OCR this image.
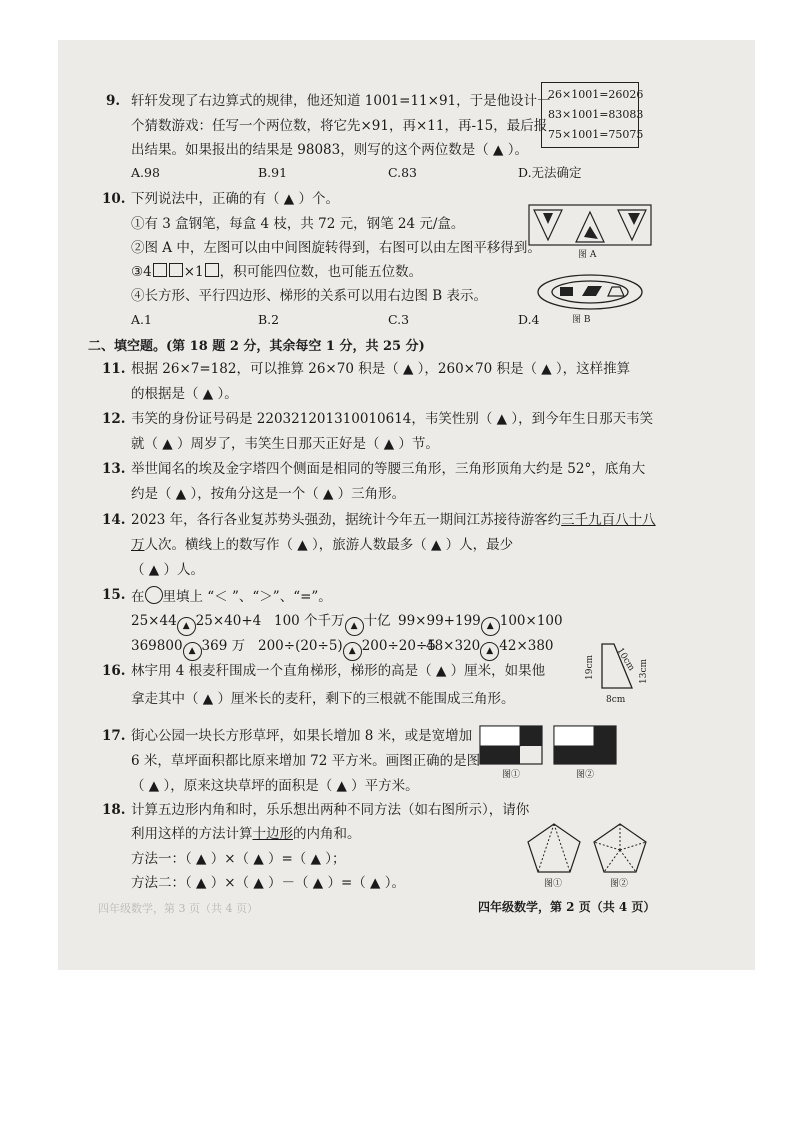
9. 轩轩发现了右边算式的规律，他还知道 1001=11×91，于是他设计一
个猜数游戏：任写一个两位数，将它先×91，再×11，再-15，最后报
出结果。如果报出的结果是 98083，则写的这个两位数是（ ▲ ）。
26×1001=26026
83×1001=83083
75×1001=75075
A.98	B.91	C.83	D.无法确定
10. 下列说法中，正确的有（ ▲ ）个。
①有 3 盒钢笔，每盒 4 枝，共 72 元，钢笔 24 元/盒。
②图 A 中，左图可以由中间图旋转得到，右图可以由左图平移得到。
③4 ×1 ，积可能四位数，也可能五位数。
④长方形、平行四边形、梯形的关系可以用右边图 B 表示。
图 A
图 B
A.1	B.2	C.3	D.4
二、填空题。(第 18 题 2 分，其余每空 1 分，共 25 分)
11. 根据 26×7=182，可以推算 26×70 积是（ ▲ ），260×70 积是（ ▲ ），这样推算
的根据是（ ▲ ）。
12. 韦笑的身份证号码是 220321201310010614，韦笑性别（ ▲ ），到今年生日那天韦笑
就（ ▲ ）周岁了，韦笑生日那天正好是（ ▲ ）节。
13. 举世闻名的埃及金字塔四个侧面是相同的等腰三角形，三角形顶角大约是 52°，底角大
约是（ ▲ ），按角分这是一个（ ▲ ）三角形。
14. 2023 年，各行各业复苏势头强劲，据统计今年五一期间江苏接待游客约三千九百八十八
万人次。横线上的数写作（ ▲ ），旅游人数最多（ ▲ ）人，最少
（ ▲ ）人。
15. 在 里填上 “＜ ”、“＞”、“=”。
25×44 ▲ 25×40+4 100 个千万 ▲ 十亿 99×99+199 ▲ 100×100
369800 ▲ 369 万 200÷(20÷5) ▲ 200÷20÷5
48×320 ▲ 42×380
16. 林宇用 4 根麦秆围成一个直角梯形，梯形的高是（ ▲ ）厘米，如果他
拿走其中（ ▲ ）厘米长的麦秆，剩下的三根就不能围成三角形。
10cm
19cm	13cm
8cm
17. 街心公园一块长方形草坪，如果长增加 8 米，或是宽增加
6 米，草坪面积都比原来增加 72 平方米。画图正确的是图
（ ▲ ），原来这块草坪的面积是（ ▲ ）平方米。
图①	图②
18. 计算五边形内角和时，乐乐想出两种不同方法（如右图所示），请你
利用这样的方法计算十边形的内角和。
方法一：（ ▲ ）×（ ▲ ）=（ ▲ ）；
方法二：（ ▲ ）×（ ▲ ）－（ ▲ ）=（ ▲ ）。	图①	图②
四年级数学，第 3 页（共 4 页）	四年级数学，第 2 页（共 4 页）
